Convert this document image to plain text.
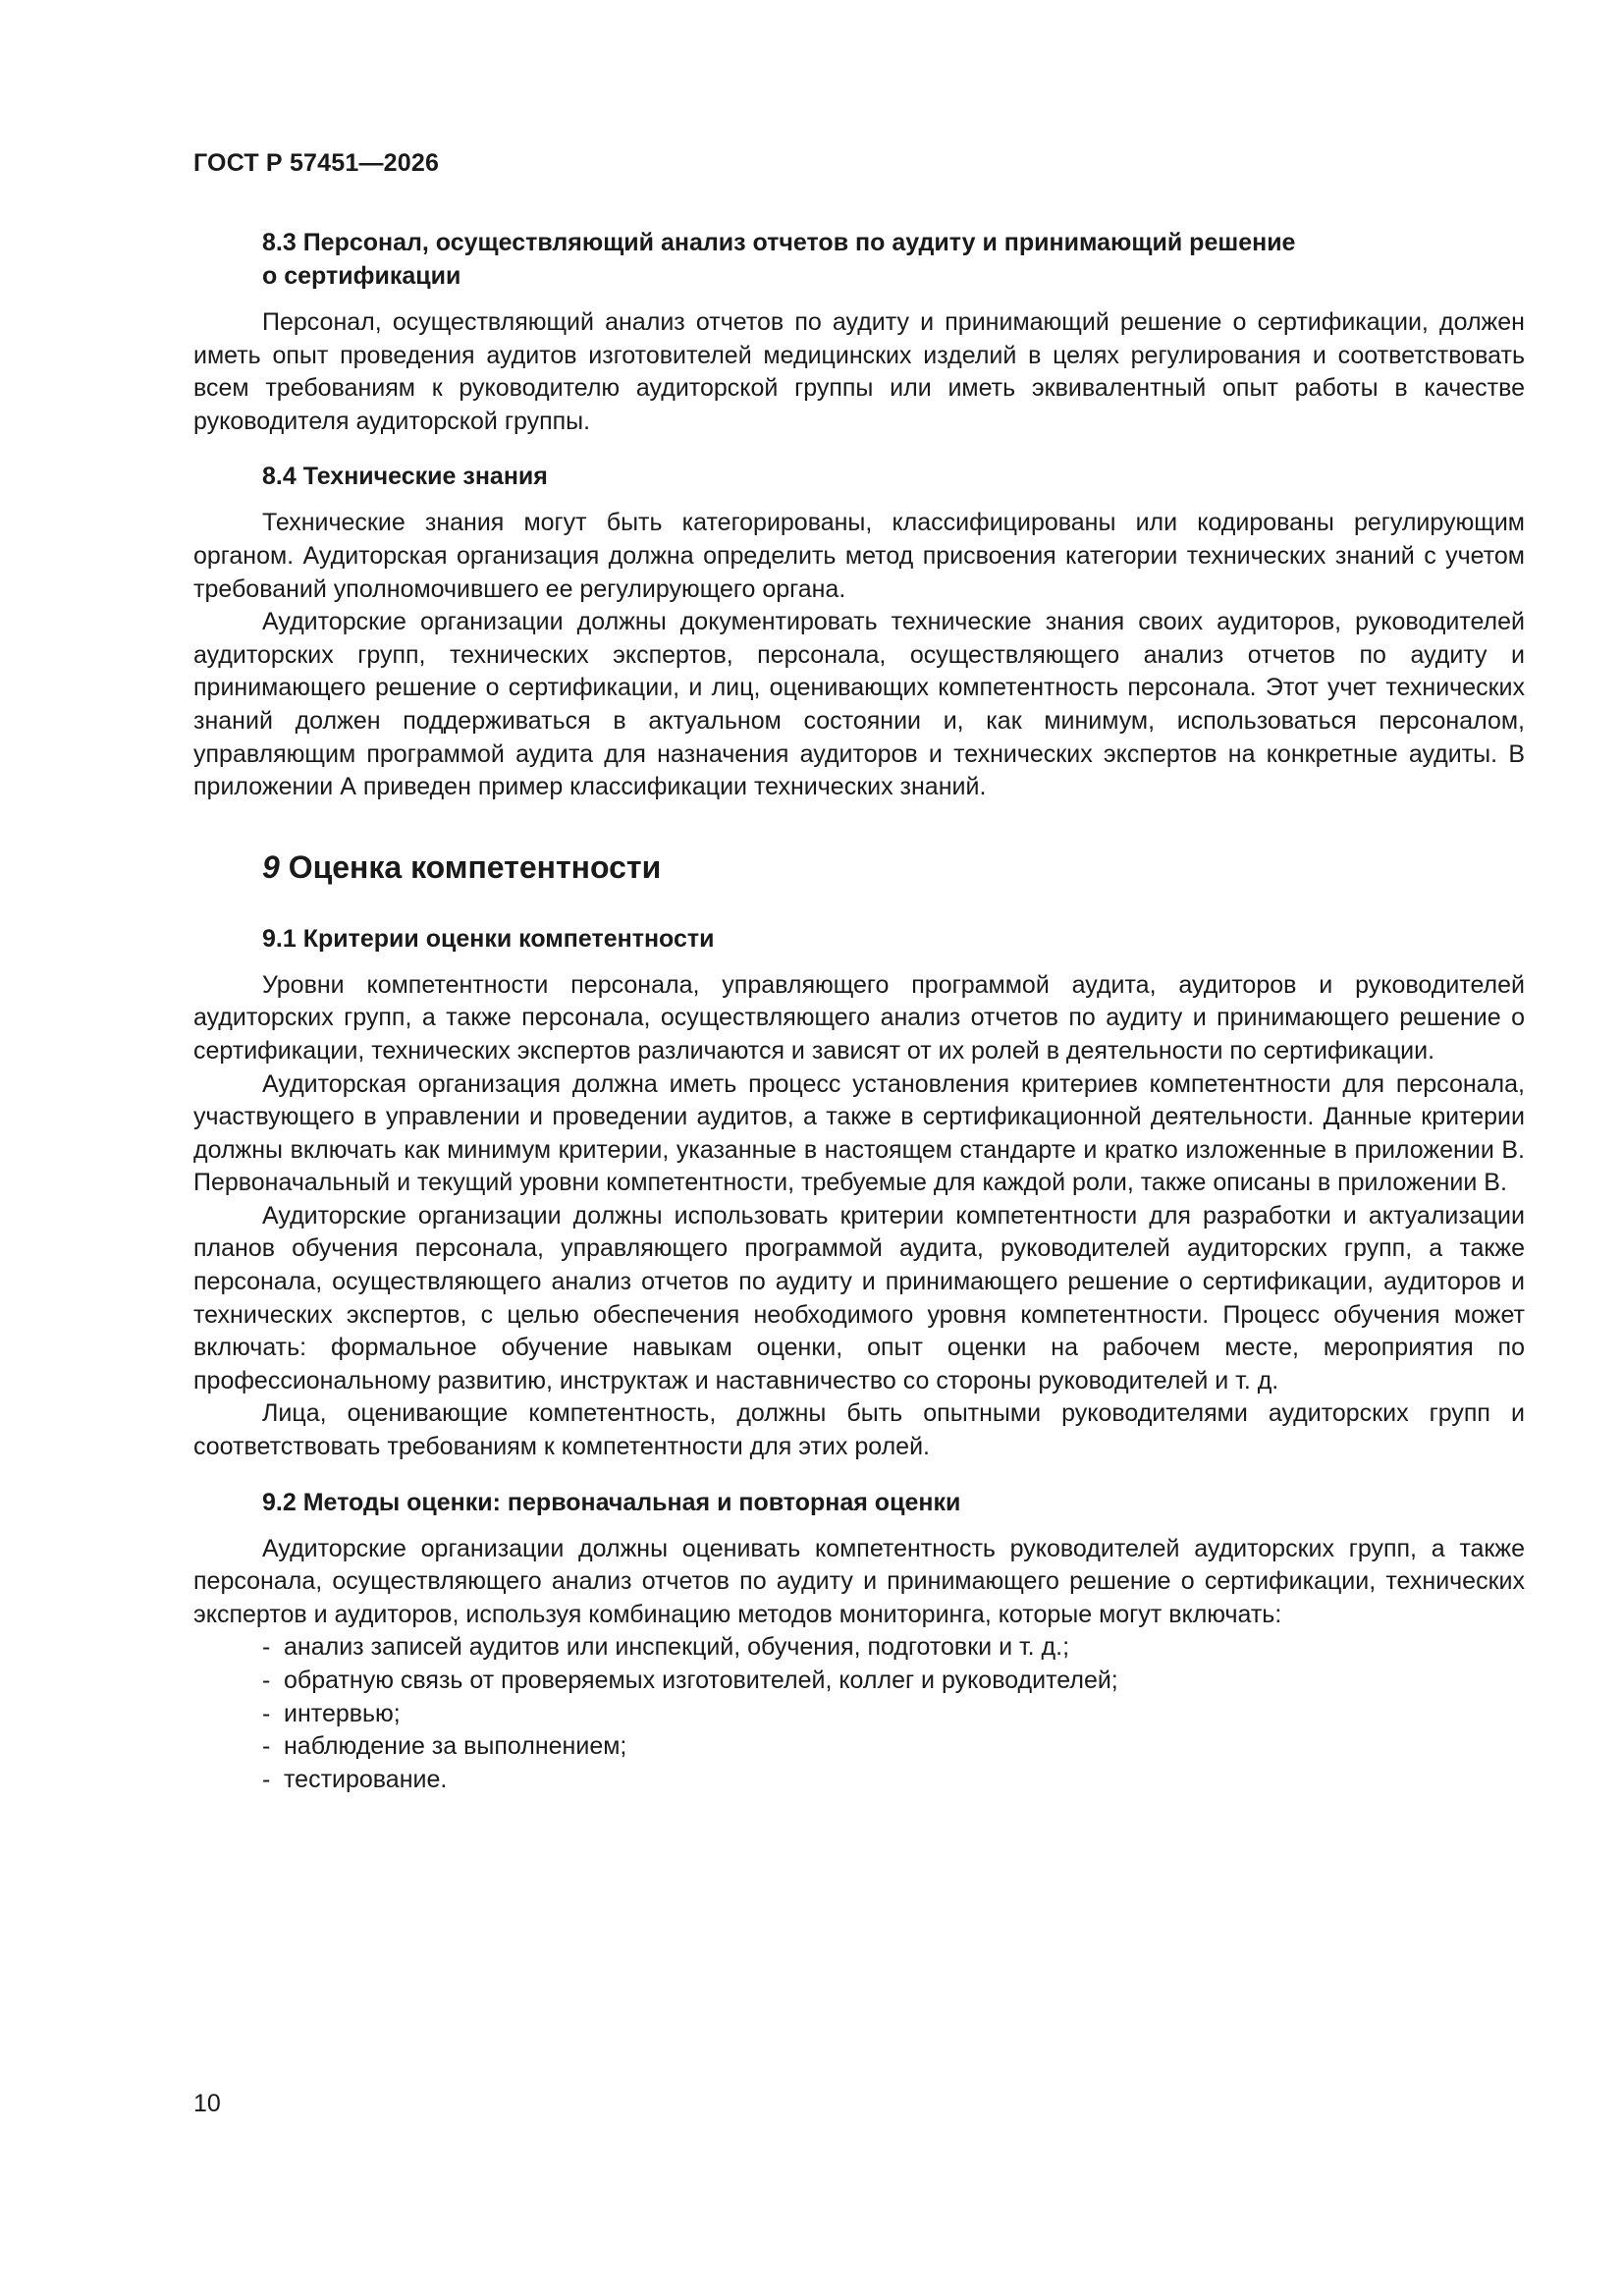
ГОСТ Р 57451—2026
8.3 Персонал, осуществляющий анализ отчетов по аудиту и принимающий решение
о сертификации

Персонал, осуществляющий анализ отчетов по аудиту и принимающий решение о сертификации, должен иметь опыт проведения аудитов изготовителей медицинских изделий в целях регулирования и соответствовать всем требованиям к руководителю аудиторской группы или иметь эквивалентный опыт работы в качестве руководителя аудиторской группы.

8.4 Технические знания

Технические знания могут быть категорированы, классифицированы или кодированы регулирующим органом. Аудиторская организация должна определить метод присвоения категории технических знаний с учетом требований уполномочившего ее регулирующего органа.

Аудиторские организации должны документировать технические знания своих аудиторов, руководителей аудиторских групп, технических экспертов, персонала, осуществляющего анализ отчетов по аудиту и принимающего решение о сертификации, и лиц, оценивающих компетентность персонала. Этот учет технических знаний должен поддерживаться в актуальном состоянии и, как минимум, использоваться персоналом, управляющим программой аудита для назначения аудиторов и технических экспертов на конкретные аудиты. В приложении А приведен пример классификации технических знаний.

9 Оценка компетентности
9.1 Критерии оценки компетентности

Уровни компетентности персонала, управляющего программой аудита, аудиторов и руководителей аудиторских групп, а также персонала, осуществляющего анализ отчетов по аудиту и принимающего решение о сертификации, технических экспертов различаются и зависят от их ролей в деятельности по сертификации.

Аудиторская организация должна иметь процесс установления критериев компетентности для персонала, участвующего в управлении и проведении аудитов, а также в сертификационной деятельности. Данные критерии должны включать как минимум критерии, указанные в настоящем стандарте и кратко изложенные в приложении В. Первоначальный и текущий уровни компетентности, требуемые для каждой роли, также описаны в приложении В.

Аудиторские организации должны использовать критерии компетентности для разработки и актуализации планов обучения персонала, управляющего программой аудита, руководителей аудиторских групп, а также персонала, осуществляющего анализ отчетов по аудиту и принимающего решение о сертификации, аудиторов и технических экспертов, с целью обеспечения необходимого уровня компетентности. Процесс обучения может включать: формальное обучение навыкам оценки, опыт оценки на рабочем месте, мероприятия по профессиональному развитию, инструктаж и наставничество со стороны руководителей и т. д.

Лица, оценивающие компетентность, должны быть опытными руководителями аудиторских групп и соответствовать требованиям к компетентности для этих ролей.

9.2 Методы оценки: первоначальная и повторная оценки

Аудиторские организации должны оценивать компетентность руководителей аудиторских групп, а также персонала, осуществляющего анализ отчетов по аудиту и принимающего решение о сертификации, технических экспертов и аудиторов, используя комбинацию методов мониторинга, которые могут включать:

- анализ записей аудитов или инспекций, обучения, подготовки и т. д.;
- обратную связь от проверяемых изготовителей, коллег и руководителей;
- интервью;
- наблюдение за выполнением;
- тестирование.
10
